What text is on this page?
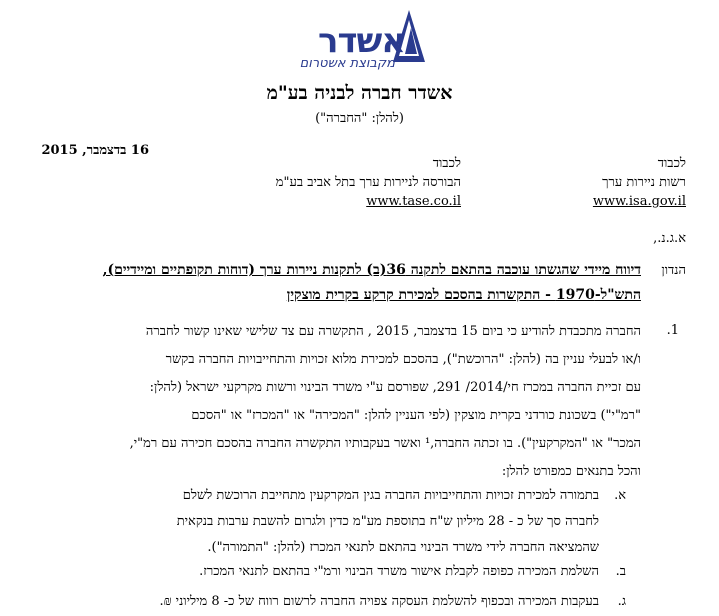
אשדר
מקבוצת אשטרום
אשדר חברה לבניה בע"מ
(להלן: "החברה")
16 בדצמבר, 2015
לכבוד
רשות ניירות ערך
www.isa.gov.il
לכבוד
הבורסה לניירות ערך בתל אביב בע"מ
www.tase.co.il
א.ג.נ.,
הנדון
דיווח מיידי שהגשתו עוכבה בהתאם לתקנה 36(ב) לתקנות ניירות ערך (דוחות תקופתיים ומיידיים), התש"ל-1970 - התקשרות בהסכם למכירת קרקע בקרית מוצקין
1.
החברה מתכבדת להודיע כי ביום 15 בדצמבר, 2015 , התקשרה עם צד שלישי שאינו קשור לחברה
ו/או לבעלי עניין בה (להלן: "הרוכשת"), בהסכם למכירת מלוא זכויות והתחייבויות החברה בקשר
עם זכיית החברה במכרז חי/2014/ 291, שפורסם ע"י משרד הבינוי ורשות מקרקעי ישראל (להלן:
"רמ"י") בשכונת כורדני בקרית מוצקין (לפי העניין להלן: "המכירה" או "המכרז" או "הסכם
המכר" או "המקרקעין"). בו זכתה החברה,¹ ואשר בעקבותיו התקשרה החברה בהסכם חכירה עם רמ"י,
והכל בתנאים כמפורט להלן:
א.
בתמורה למכירת זכויות והתחייבויות החברה בגין המקרקעין מתחייבת הרוכשת לשלם
לחברה סך של כ - 28 מיליון ש"ח בתוספת מע"מ כדין ולגרום להשבת ערבות בנקאית
שהמציאה החברה לידי משרד הבינוי בהתאם לתנאי המכרז (להלן: "התמורה").
ב.
השלמת המכירה כפופה לקבלת אישור משרד הבינוי ורמ"י בהתאם לתנאי המכרז.
ג.
בעקבות המכירה ובכפוף להשלמת העסקה צפויה החברה לרשום רווח של כ- 8 מיליוני ₪.
